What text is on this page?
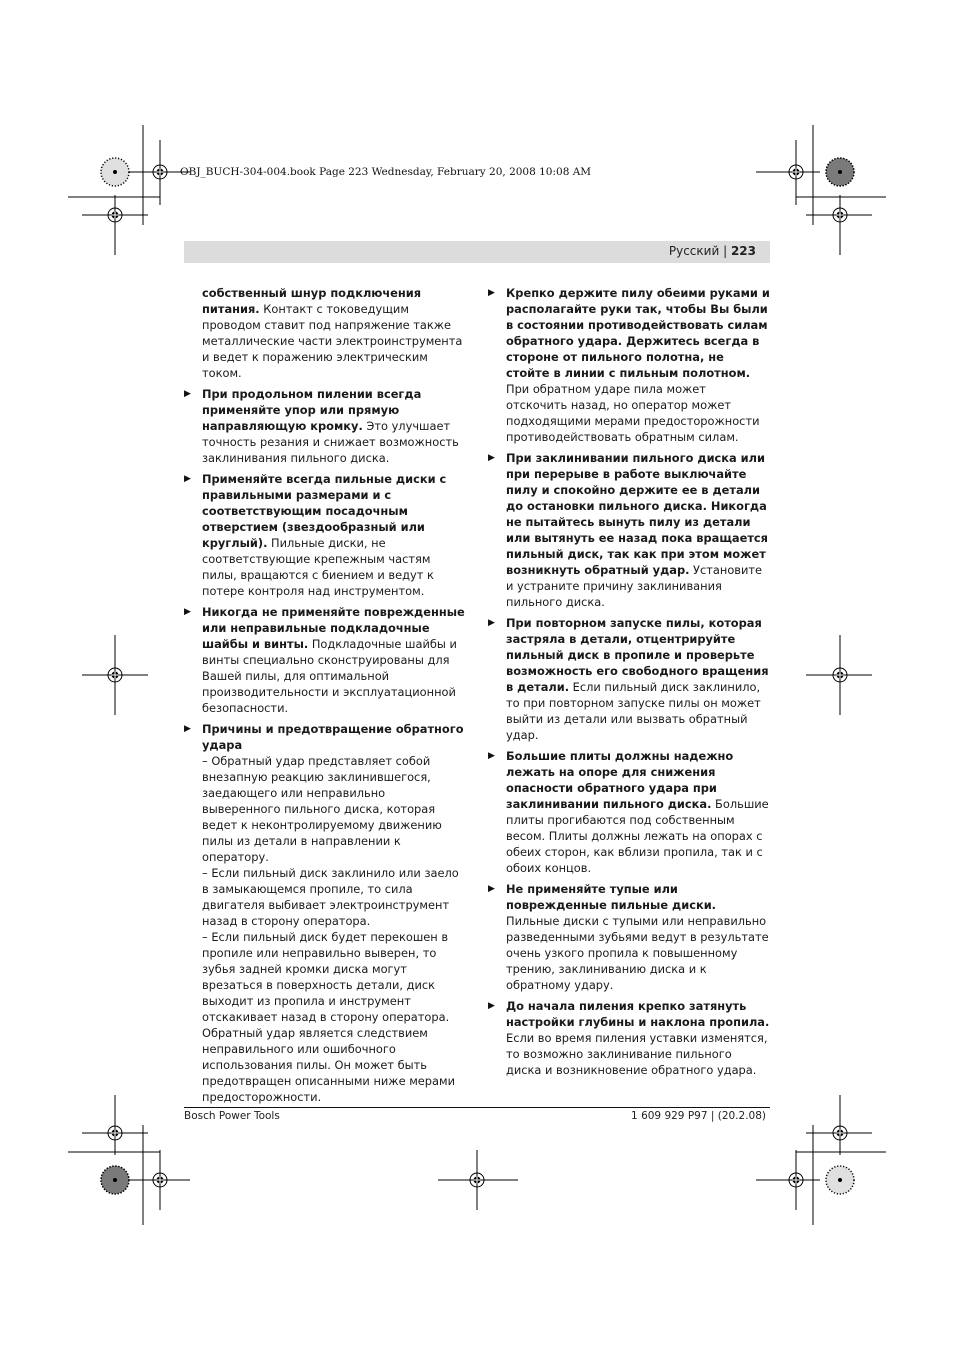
OBJ_BUCH-304-004.book Page 223 Wednesday, February 20, 2008 10:08 AM
Русский | 223
собственный шнур подключения питания. Контакт с токоведущим проводом ставит под напряжение также металлические части электроинструмента и ведет к поражению электрическим током.
▶ При продольном пилении всегда применяйте упор или прямую направляющую кромку. Это улучшает точность резания и снижает возможность заклинивания пильного диска.
▶ Применяйте всегда пильные диски с правильными размерами и с соответствующим посадочным отверстием (звездообразный или круглый). Пильные диски, не соответствующие крепежным частям пилы, вращаются с биением и ведут к потере контроля над инструментом.
▶ Никогда не применяйте поврежденные или неправильные подкладочные шайбы и винты. Подкладочные шайбы и винты специально сконструированы для Вашей пилы, для оптимальной производительности и эксплуатационной безопасности.
▶ Причины и предотвращение обратного удара
– Обратный удар представляет собой внезапную реакцию заклинившегося, заедающего или неправильно выверенного пильного диска, которая ведет к неконтролируемому движению пилы из детали в направлении к оператору.
– Если пильный диск заклинило или заело в замыкающемся пропиле, то сила двигателя выбивает электроинструмент назад в сторону оператора.
– Если пильный диск будет перекошен в пропиле или неправильно выверен, то зубья задней кромки диска могут врезаться в поверхность детали, диск выходит из пропила и инструмент отскакивает назад в сторону оператора.
Обратный удар является следствием неправильного или ошибочного использования пилы. Он может быть предотвращен описанными ниже мерами предосторожности.
▶ Крепко держите пилу обеими руками и располагайте руки так, чтобы Вы были в состоянии противодействовать силам обратного удара. Держитесь всегда в стороне от пильного полотна, не стойте в линии с пильным полотном. При обратном ударе пила может отскочить назад, но оператор может подходящими мерами предосторожности противодействовать обратным силам.
▶ При заклинивании пильного диска или при перерыве в работе выключайте пилу и спокойно держите ее в детали до остановки пильного диска. Никогда не пытайтесь вынуть пилу из детали или вытянуть ее назад пока вращается пильный диск, так как при этом может возникнуть обратный удар. Установите и устраните причину заклинивания пильного диска.
▶ При повторном запуске пилы, которая застряла в детали, отцентрируйте пильный диск в пропиле и проверьте возможность его свободного вращения в детали. Если пильный диск заклинило, то при повторном запуске пилы он может выйти из детали или вызвать обратный удар.
▶ Большие плиты должны надежно лежать на опоре для снижения опасности обратного удара при заклинивании пильного диска. Большие плиты прогибаются под собственным весом. Плиты должны лежать на опорах с обеих сторон, как вблизи пропила, так и с обоих концов.
▶ Не применяйте тупые или поврежденные пильные диски. Пильные диски с тупыми или неправильно разведенными зубьями ведут в результате очень узкого пропила к повышенному трению, заклиниванию диска и к обратному удару.
▶ До начала пиления крепко затянуть настройки глубины и наклона пропила. Если во время пиления уставки изменятся, то возможно заклинивание пильного диска и возникновение обратного удара.
Bosch Power Tools	1 609 929 P97 | (20.2.08)
